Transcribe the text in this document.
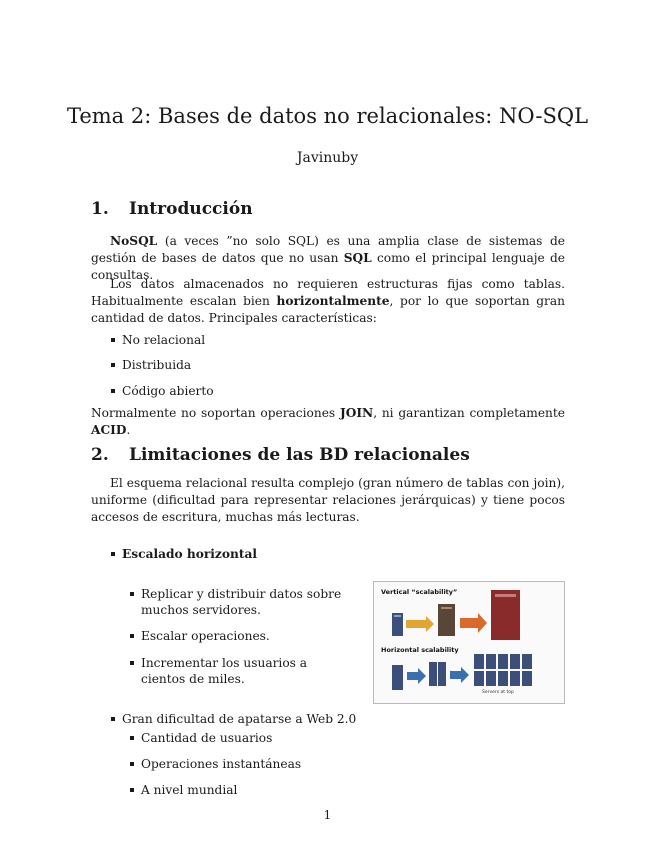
Tema 2: Bases de datos no relacionales: NO-SQL
Javinuby
1. Introducción

NoSQL (a veces ”no solo SQL) es una amplia clase de sistemas de gestión de bases de datos que no usan SQL como el principal lenguaje de consultas.

Los datos almacenados no requieren estructuras fijas como tablas. Habitualmente escalan bien horizontalmente, por lo que soportan gran cantidad de datos. Principales características:

No relacional
Distribuida
Código abierto

Normalmente no soportan operaciones JOIN, ni garantizan completamente ACID.

2. Limitaciones de las BD relacionales

El esquema relacional resulta complejo (gran número de tablas con join), uniforme (dificultad para representar relaciones jerárquicas) y tiene pocos accesos de escritura, muchas más lecturas.

Escalado horizontal
Replicar y distribuir datos sobre muchos servidores.
Escalar operaciones.
Incrementar los usuarios a cientos de miles.
Vertical “scalability”
Horizontal scalability
Servers at top
Gran dificultad de apatarse a Web 2.0
Cantidad de usuarios
Operaciones instantáneas
A nivel mundial
1
